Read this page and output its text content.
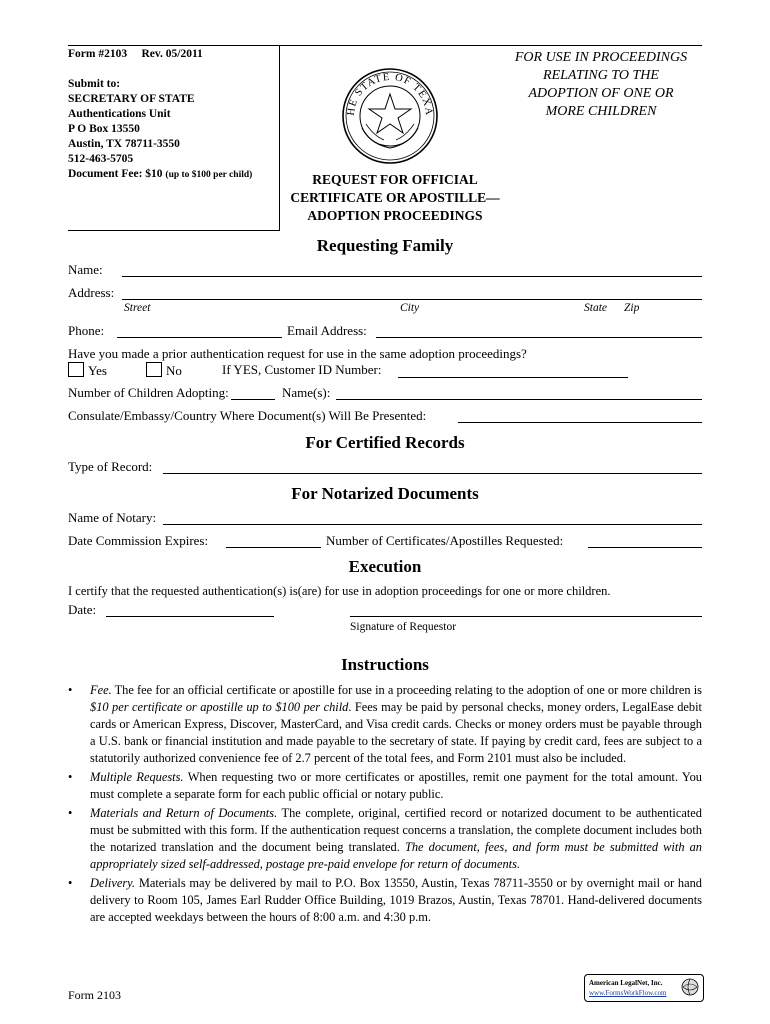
Form #2103 Rev. 05/2011
Submit to:
SECRETARY OF STATE
Authentications Unit
P O Box 13550
Austin, TX 78711-3550
512-463-5705
Document Fee: $10 (up to $100 per child)
HE STATE OF TEXA
FOR USE IN PROCEEDINGS
RELATING TO THE
ADOPTION OF ONE OR
MORE CHILDREN
REQUEST FOR OFFICIAL
CERTIFICATE OR APOSTILLE—
ADOPTION PROCEEDINGS
Requesting Family
Name:
Address:
Street	City	State Zip
Phone:	Email Address:
Have you made a prior authentication request for use in the same adoption proceedings?
Yes	No	If YES, Customer ID Number:
Number of Children Adopting:	Name(s):
Consulate/Embassy/Country Where Document(s) Will Be Presented:
For Certified Records
Type of Record:
For Notarized Documents
Name of Notary:
Date Commission Expires:	Number of Certificates/Apostilles Requested:
Execution
I certify that the requested authentication(s) is(are) for use in adoption proceedings for one or more children.
Date:
Signature of Requestor
Instructions
• Fee. The fee for an official certificate or apostille for use in a proceeding relating to the adoption of one or more children is $10 per certificate or apostille up to $100 per child. Fees may be paid by personal checks, money orders, LegalEase debit cards or American Express, Discover, MasterCard, and Visa credit cards. Checks or money orders must be payable through a U.S. bank or financial institution and made payable to the secretary of state. If paying by credit card, fees are subject to a statutorily authorized convenience fee of 2.7 percent of the total fees, and Form 2101 must also be included.
• Multiple Requests. When requesting two or more certificates or apostilles, remit one payment for the total amount. You must complete a separate form for each public official or notary public.
• Materials and Return of Documents. The complete, original, certified record or notarized document to be authenticated must be submitted with this form. If the authentication request concerns a translation, the complete document includes both the notarized translation and the document being translated. The document, fees, and form must be submitted with an appropriately sized self-addressed, postage pre-paid envelope for return of documents.
• Delivery. Materials may be delivered by mail to P.O. Box 13550, Austin, Texas 78711-3550 or by overnight mail or hand delivery to Room 105, James Earl Rudder Office Building, 1019 Brazos, Austin, Texas 78701. Hand-delivered documents are accepted weekdays between the hours of 8:00 a.m. and 4:30 p.m.
Form 2103
American LegalNet, Inc.
www.FormsWorkFlow.com
